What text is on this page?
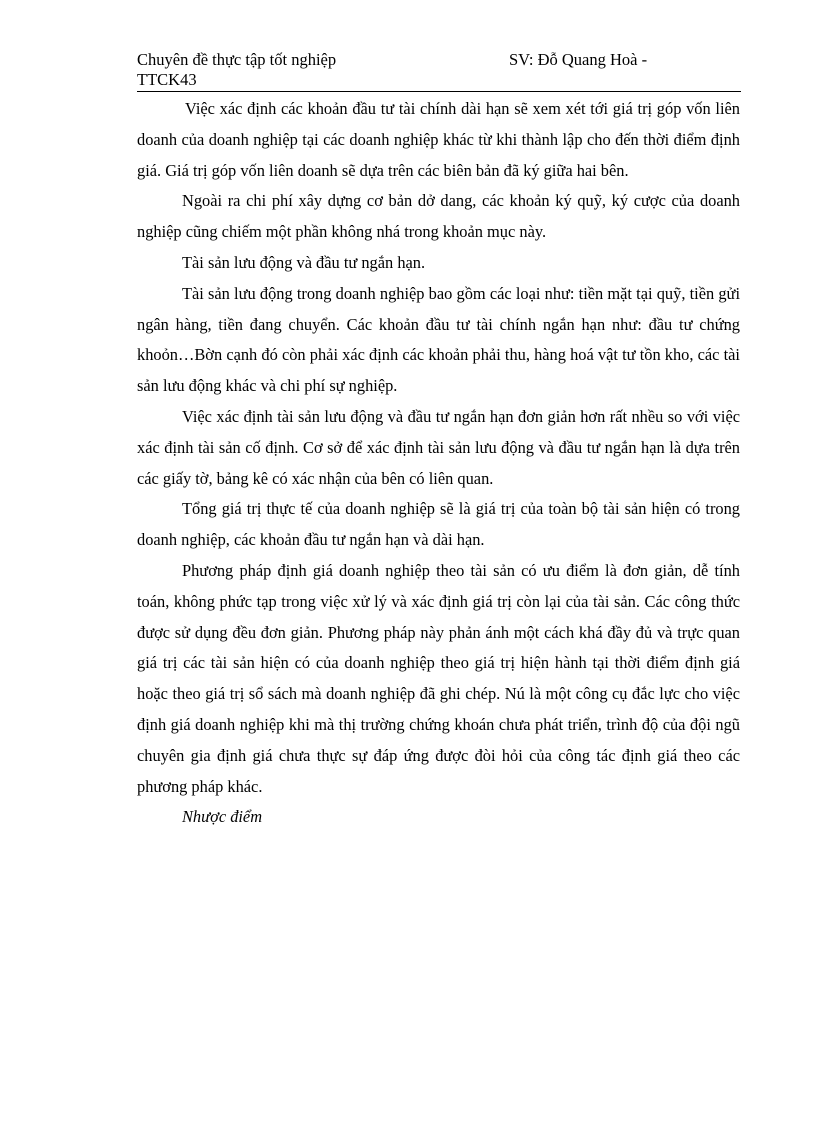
Chuyên đề thực tập tốt nghiệp	SV: Đỗ Quang Hoà -
TTCK43

Việc xác định các khoản đầu tư tài chính dài hạn sẽ xem xét tới giá trị góp vốn liên doanh của doanh nghiệp tại các doanh nghiệp khác từ khi thành lập cho đến thời điểm định giá. Giá trị góp vốn liên doanh sẽ dựa trên các biên bản đã ký giữa hai bên.

Ngoài ra chi phí xây dựng cơ bản dở dang, các khoản ký quỹ, ký cược của doanh nghiệp cũng chiếm một phần không nhá trong khoản mục này.

Tài sản lưu động và đầu tư ngắn hạn.

Tài sản lưu động trong doanh nghiệp bao gồm các loại như: tiền mặt tại quỹ, tiền gửi ngân hàng, tiền đang chuyển. Các khoản đầu tư tài chính ngắn hạn như: đầu tư chứng khoỏn…Bờn cạnh đó còn phải xác định các khoản phải thu, hàng hoá vật tư tồn kho, các tài sản lưu động khác và chi phí sự nghiệp.

Việc xác định tài sản lưu động và đầu tư ngắn hạn đơn giản hơn rất nhều so với việc xác định tài sản cố định. Cơ sở để xác định tài sản lưu động và đầu tư ngắn hạn là dựa trên các giấy tờ, bảng kê có xác nhận của bên có liên quan.

Tổng giá trị thực tế của doanh nghiệp sẽ là giá trị của toàn bộ tài sản hiện có trong doanh nghiệp, các khoản đầu tư ngắn hạn và dài hạn.

Phương pháp định giá doanh nghiệp theo tài sản có ưu điểm là đơn giản, dễ tính toán, không phức tạp trong việc xử lý và xác định giá trị còn lại của tài sản. Các công thức được sử dụng đều đơn giản. Phương pháp này phản ánh một cách khá đầy đủ và trực quan giá trị các tài sản hiện có của doanh nghiệp theo giá trị hiện hành tại thời điểm định giá hoặc theo giá trị sổ sách mà doanh nghiệp đã ghi chép. Nú là một công cụ đắc lực cho việc định giá doanh nghiệp khi mà thị trường chứng khoán chưa phát triển, trình độ của đội ngũ chuyên gia định giá chưa thực sự đáp ứng được đòi hỏi của công tác định giá theo các phương pháp khác.

Nhược điểm
